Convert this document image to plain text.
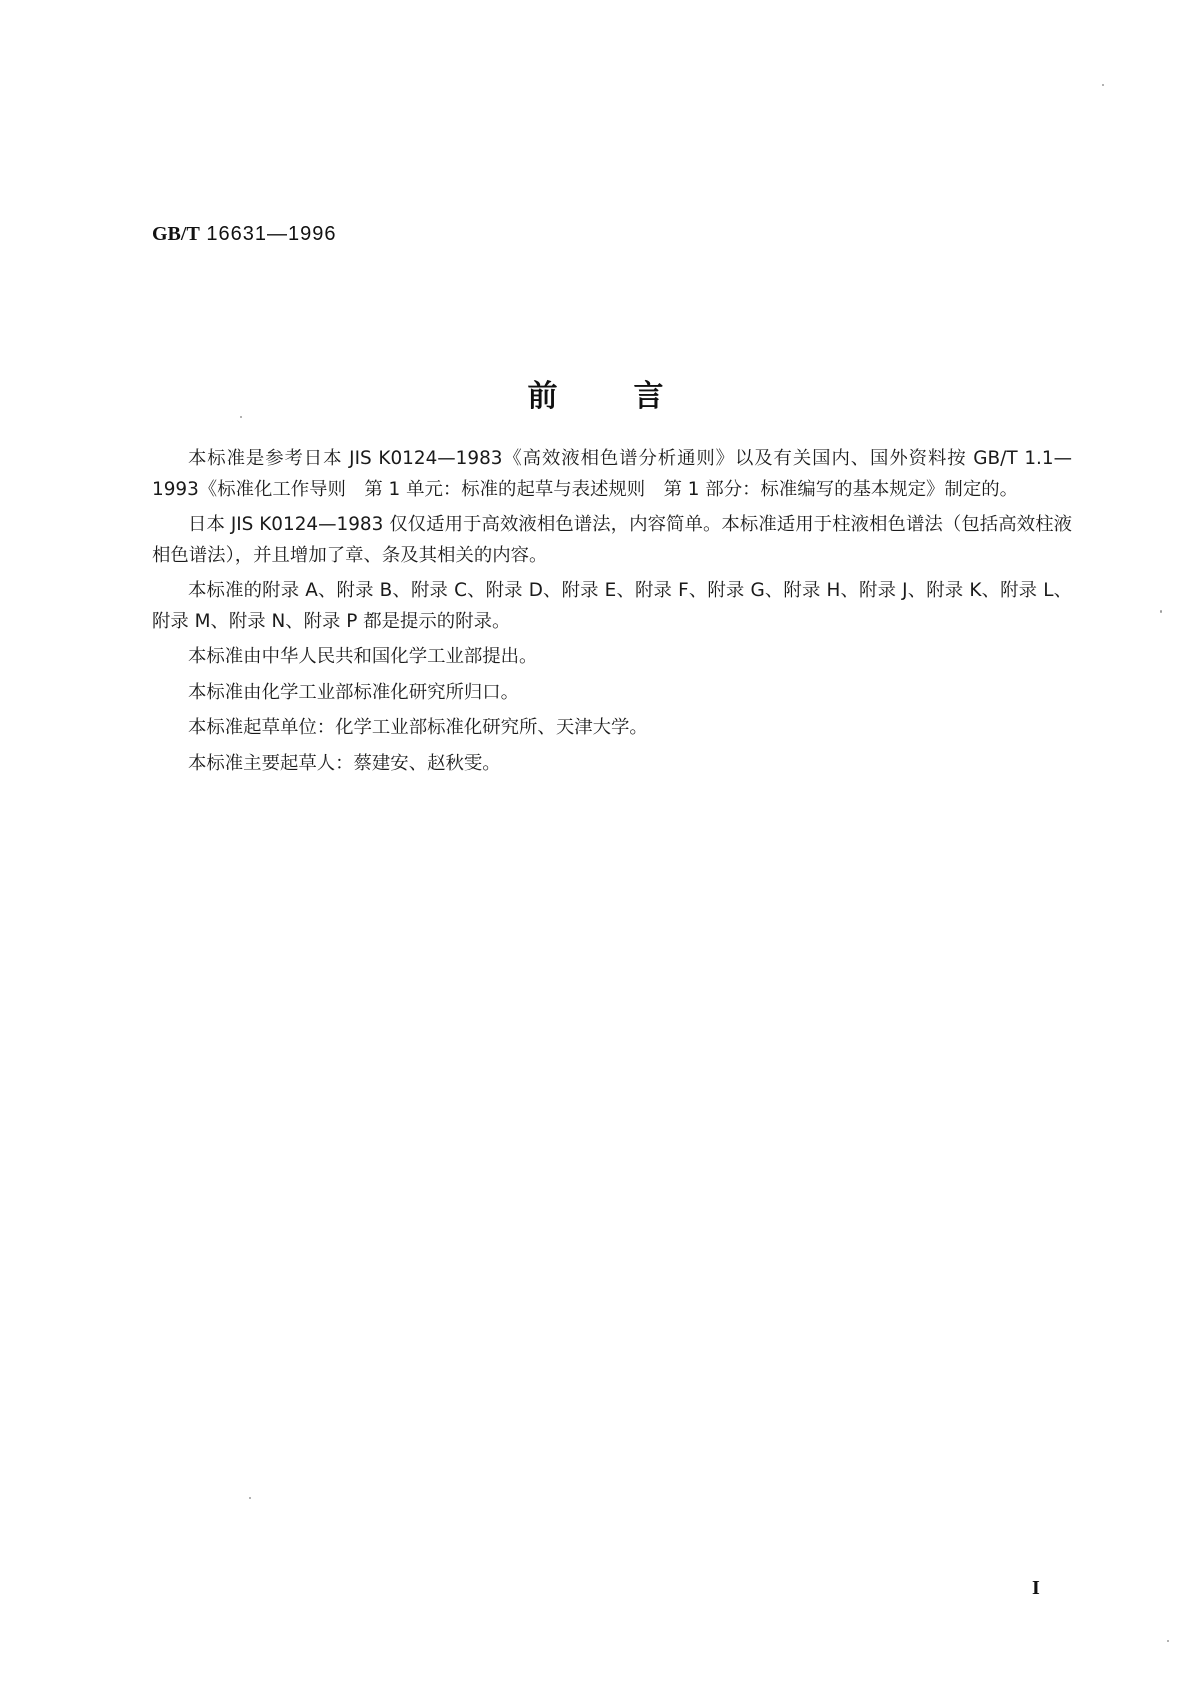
GB/T 16631—1996
前言

本标准是参考日本 JIS K0124—1983《高效液相色谱分析通则》以及有关国内、国外资料按 GB/T 1.1—1993《标准化工作导则　第 1 单元：标准的起草与表述规则　第 1 部分：标准编写的基本规定》制定的。

日本 JIS K0124—1983 仅仅适用于高效液相色谱法，内容简单。本标准适用于柱液相色谱法（包括高效柱液相色谱法），并且增加了章、条及其相关的内容。

本标准的附录 A、附录 B、附录 C、附录 D、附录 E、附录 F、附录 G、附录 H、附录 J、附录 K、附录 L、附录 M、附录 N、附录 P 都是提示的附录。

本标准由中华人民共和国化学工业部提出。

本标准由化学工业部标准化研究所归口。

本标准起草单位：化学工业部标准化研究所、天津大学。

本标准主要起草人：蔡建安、赵秋雯。

I
